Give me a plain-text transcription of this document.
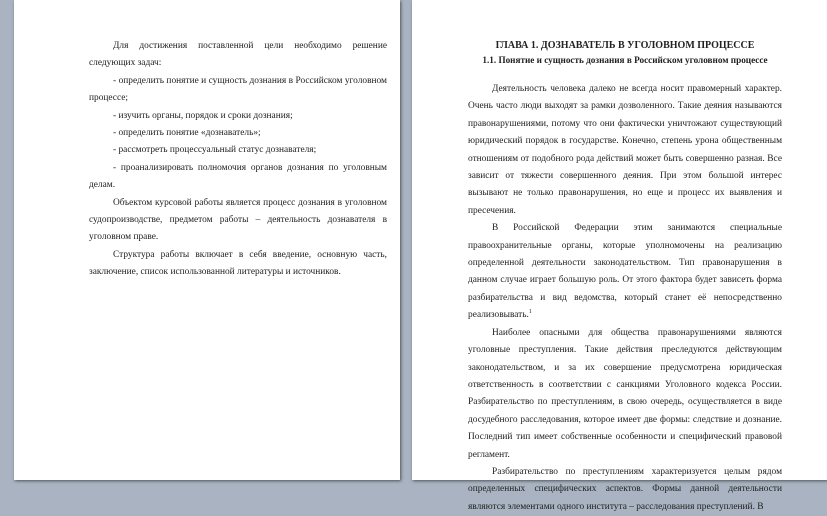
Для достижения поставленной цели необходимо решение следующих задач:

- определить понятие и сущность дознания в Российском уголовном процессе;

- изучить органы, порядок и сроки дознания;

- определить понятие «дознаватель»;

- рассмотреть процессуальный статус дознавателя;

- проанализировать полномочия органов дознания по уголовным делам.

Объектом курсовой работы является процесс дознания в уголовном судопроизводстве, предметом работы – деятельность дознавателя в уголовном праве.

Структура работы включает в себя введение, основную часть, заключение, список использованной литературы и источников.

ГЛАВА 1. ДОЗНАВАТЕЛЬ В УГОЛОВНОМ ПРОЦЕССЕ

1.1. Понятие и сущность дознания в Российском уголовном процессе

Деятельность человека далеко не всегда носит правомерный характер. Очень часто люди выходят за рамки дозволенного. Такие деяния называются правонарушениями, потому что они фактически уничтожают существующий юридический порядок в государстве. Конечно, степень урона общественным отношениям от подобного рода действий может быть совершенно разная. Все зависит от тяжести совершенного деяния. При этом большой интерес вызывают не только правонарушения, но еще и процесс их выявления и пресечения.

В Российской Федерации этим занимаются специальные правоохранительные органы, которые уполномочены на реализацию определенной деятельности законодательством. Тип правонарушения в данном случае играет большую роль. От этого фактора будет зависеть форма разбирательства и вид ведомства, который станет её непосредственно реализовывать.$^1$

Наиболее опасными для общества правонарушениями являются уголовные преступления. Такие действия преследуются действующим законодательством, и за их совершение предусмотрена юридическая ответственность в соответствии с санкциями Уголовного кодекса России. Разбирательство по преступлениям, в свою очередь, осуществляется в виде досудебного расследования, которое имеет две формы: следствие и дознание. Последний тип имеет собственные особенности и специфический правовой регламент.

Разбирательство по преступлениям характеризуется целым рядом определенных специфических аспектов. Формы данной деятельности являются элементами одного института – расследования преступлений. В
